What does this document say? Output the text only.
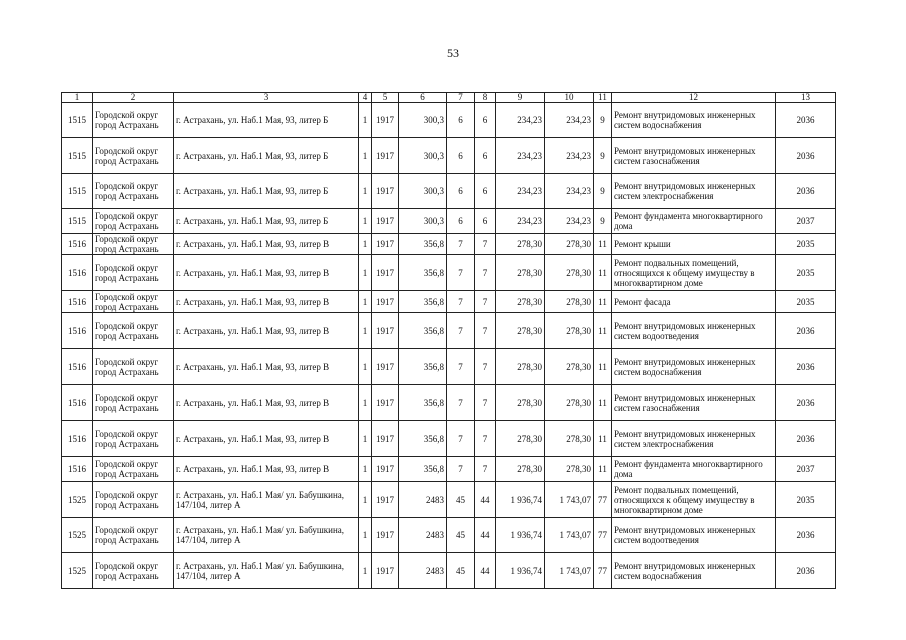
53
1	2	3	4	5	6	7	8	9	10	11	12	13
1515	Городской округ город Астрахань	г. Астрахань, ул. Наб.1 Мая, 93, литер Б	1	1917	300,3	6	6	234,23	234,23	9	Ремонт внутридомовых инженерных систем водоснабжения	2036
1515	Городской округ город Астрахань	г. Астрахань, ул. Наб.1 Мая, 93, литер Б	1	1917	300,3	6	6	234,23	234,23	9	Ремонт внутридомовых инженерных систем газоснабжения	2036
1515	Городской округ город Астрахань	г. Астрахань, ул. Наб.1 Мая, 93, литер Б	1	1917	300,3	6	6	234,23	234,23	9	Ремонт внутридомовых инженерных систем электроснабжения	2036
1515	Городской округ город Астрахань	г. Астрахань, ул. Наб.1 Мая, 93, литер Б	1	1917	300,3	6	6	234,23	234,23	9	Ремонт фундамента многоквартирного дома	2037
1516	Городской округ город Астрахань	г. Астрахань, ул. Наб.1 Мая, 93, литер В	1	1917	356,8	7	7	278,30	278,30	11	Ремонт крыши	2035
1516	Городской округ город Астрахань	г. Астрахань, ул. Наб.1 Мая, 93, литер В	1	1917	356,8	7	7	278,30	278,30	11	Ремонт подвальных помещений, относящихся к общему имуществу в многоквартирном доме	2035
1516	Городской округ город Астрахань	г. Астрахань, ул. Наб.1 Мая, 93, литер В	1	1917	356,8	7	7	278,30	278,30	11	Ремонт фасада	2035
1516	Городской округ город Астрахань	г. Астрахань, ул. Наб.1 Мая, 93, литер В	1	1917	356,8	7	7	278,30	278,30	11	Ремонт внутридомовых инженерных систем водоотведения	2036
1516	Городской округ город Астрахань	г. Астрахань, ул. Наб.1 Мая, 93, литер В	1	1917	356,8	7	7	278,30	278,30	11	Ремонт внутридомовых инженерных систем водоснабжения	2036
1516	Городской округ город Астрахань	г. Астрахань, ул. Наб.1 Мая, 93, литер В	1	1917	356,8	7	7	278,30	278,30	11	Ремонт внутридомовых инженерных систем газоснабжения	2036
1516	Городской округ город Астрахань	г. Астрахань, ул. Наб.1 Мая, 93, литер В	1	1917	356,8	7	7	278,30	278,30	11	Ремонт внутридомовых инженерных систем электроснабжения	2036
1516	Городской округ город Астрахань	г. Астрахань, ул. Наб.1 Мая, 93, литер В	1	1917	356,8	7	7	278,30	278,30	11	Ремонт фундамента многоквартирного дома	2037
1525	Городской округ город Астрахань	г. Астрахань, ул. Наб.1 Мая/ ул. Бабушкина, 147/104, литер А	1	1917	2483	45	44	1 936,74	1 743,07	77	Ремонт подвальных помещений, относящихся к общему имуществу в многоквартирном доме	2035
1525	Городской округ город Астрахань	г. Астрахань, ул. Наб.1 Мая/ ул. Бабушкина, 147/104, литер А	1	1917	2483	45	44	1 936,74	1 743,07	77	Ремонт внутридомовых инженерных систем водоотведения	2036
1525	Городской округ город Астрахань	г. Астрахань, ул. Наб.1 Мая/ ул. Бабушкина, 147/104, литер А	1	1917	2483	45	44	1 936,74	1 743,07	77	Ремонт внутридомовых инженерных систем водоснабжения	2036
